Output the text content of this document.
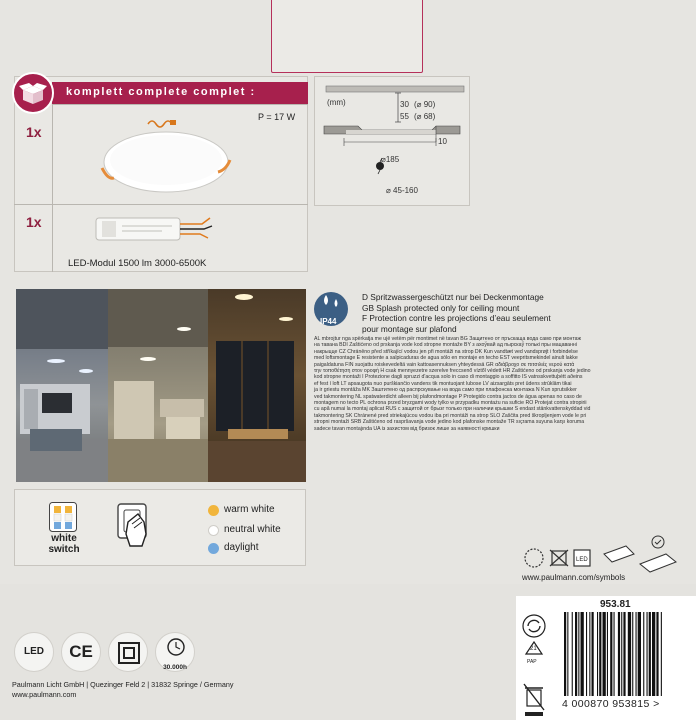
komplett complete complet :
1x
P = 17 W
1x
LED-Modul 1500 lm 3000-6500K
(mm)	30 (⌀ 90)
55 (⌀ 68)
10
⌀185
⌀ 45-160
IP44
D Spritzwassergeschützt nur bei Deckenmontage
GB Splash protected only for ceiling mount
F Protection contre les projections d’eau seulement
pour montage sur plafond
AL mbrojtur nga spërkatja me ujë vetëm për montimet në tavan BG Защитено от пръскаща вода само при монтаж
на тавана BDI Zaštićeno od prskanja vode kod stropne montaže BY з ахоўвай ад пырскаў толькі пры мацаванні
накрыцце CZ Chráněno před stříkající vodou jen při montáži na strop DK Kun vandtæt ved vandsprøjt i forbindelse
med loftsmontage E resistente a salpicaduras de agua sólo en montaje en techo EST veepritsmekindel ainult lakke
paigaldatuna FIN suojattu roiskevedeltä vain kattoasennuksen yhteydessä GR αδιάβροχο σε πιτσιλιές νερού κατά
την τοποθέτηση στον οροφή H csak mennyezetre szerelve freccsenő víztől védett HR Zaštićeno od prskanja vode jedino
kod stropne montaži I Protezione dagli spruzzi d'acqua solo in caso di montaggio a soffitto IS vatnsskvettuþétt aðeins
ef fest í loft LT apsaugota nuo purškiančio vandens tik montuojant lubose LV aizsargāts pret ūdens strūklām tikai
ja ir griestu montāža MK Заштитено од распрскување на вода само при плафонска монтажа N Kun sprutsikker
ved takmontering NL spatwaterdicht alleen bij plafondmontage P Protegido contra jactos de água apenas no caso de
montagem no tecto PL ochrona przed bryzgami wody tylko w przypadku montażu na suficie RO Protejat contra stropirii
cu apă numai la montaj aplicat RUS с защитой от брызг только при наличии крышки S endast stänkvattenskyddad vid
takmontering SK Chránené pred striekajúcou vodou iba pri montáži na strop SLO Zaščita pred škropljenjem vode le pri
stropni montaži SRB Zaštićeno od raspršavanja vode jedino kod plafonske montaže TR sıçrama suyuna karşı koruma
sadece tavan montajında UA із захистом від бризок лише за наявності кришки
white
switch
warm white
neutral white
daylight
LED
www.paulmann.com/symbols
LED	CE
30.000h
Paulmann Licht GmbH | Quezinger Feld 2 | 31832 Springe / Germany
www.paulmann.com
953.81
21
PAP
4 000870 953815 >
